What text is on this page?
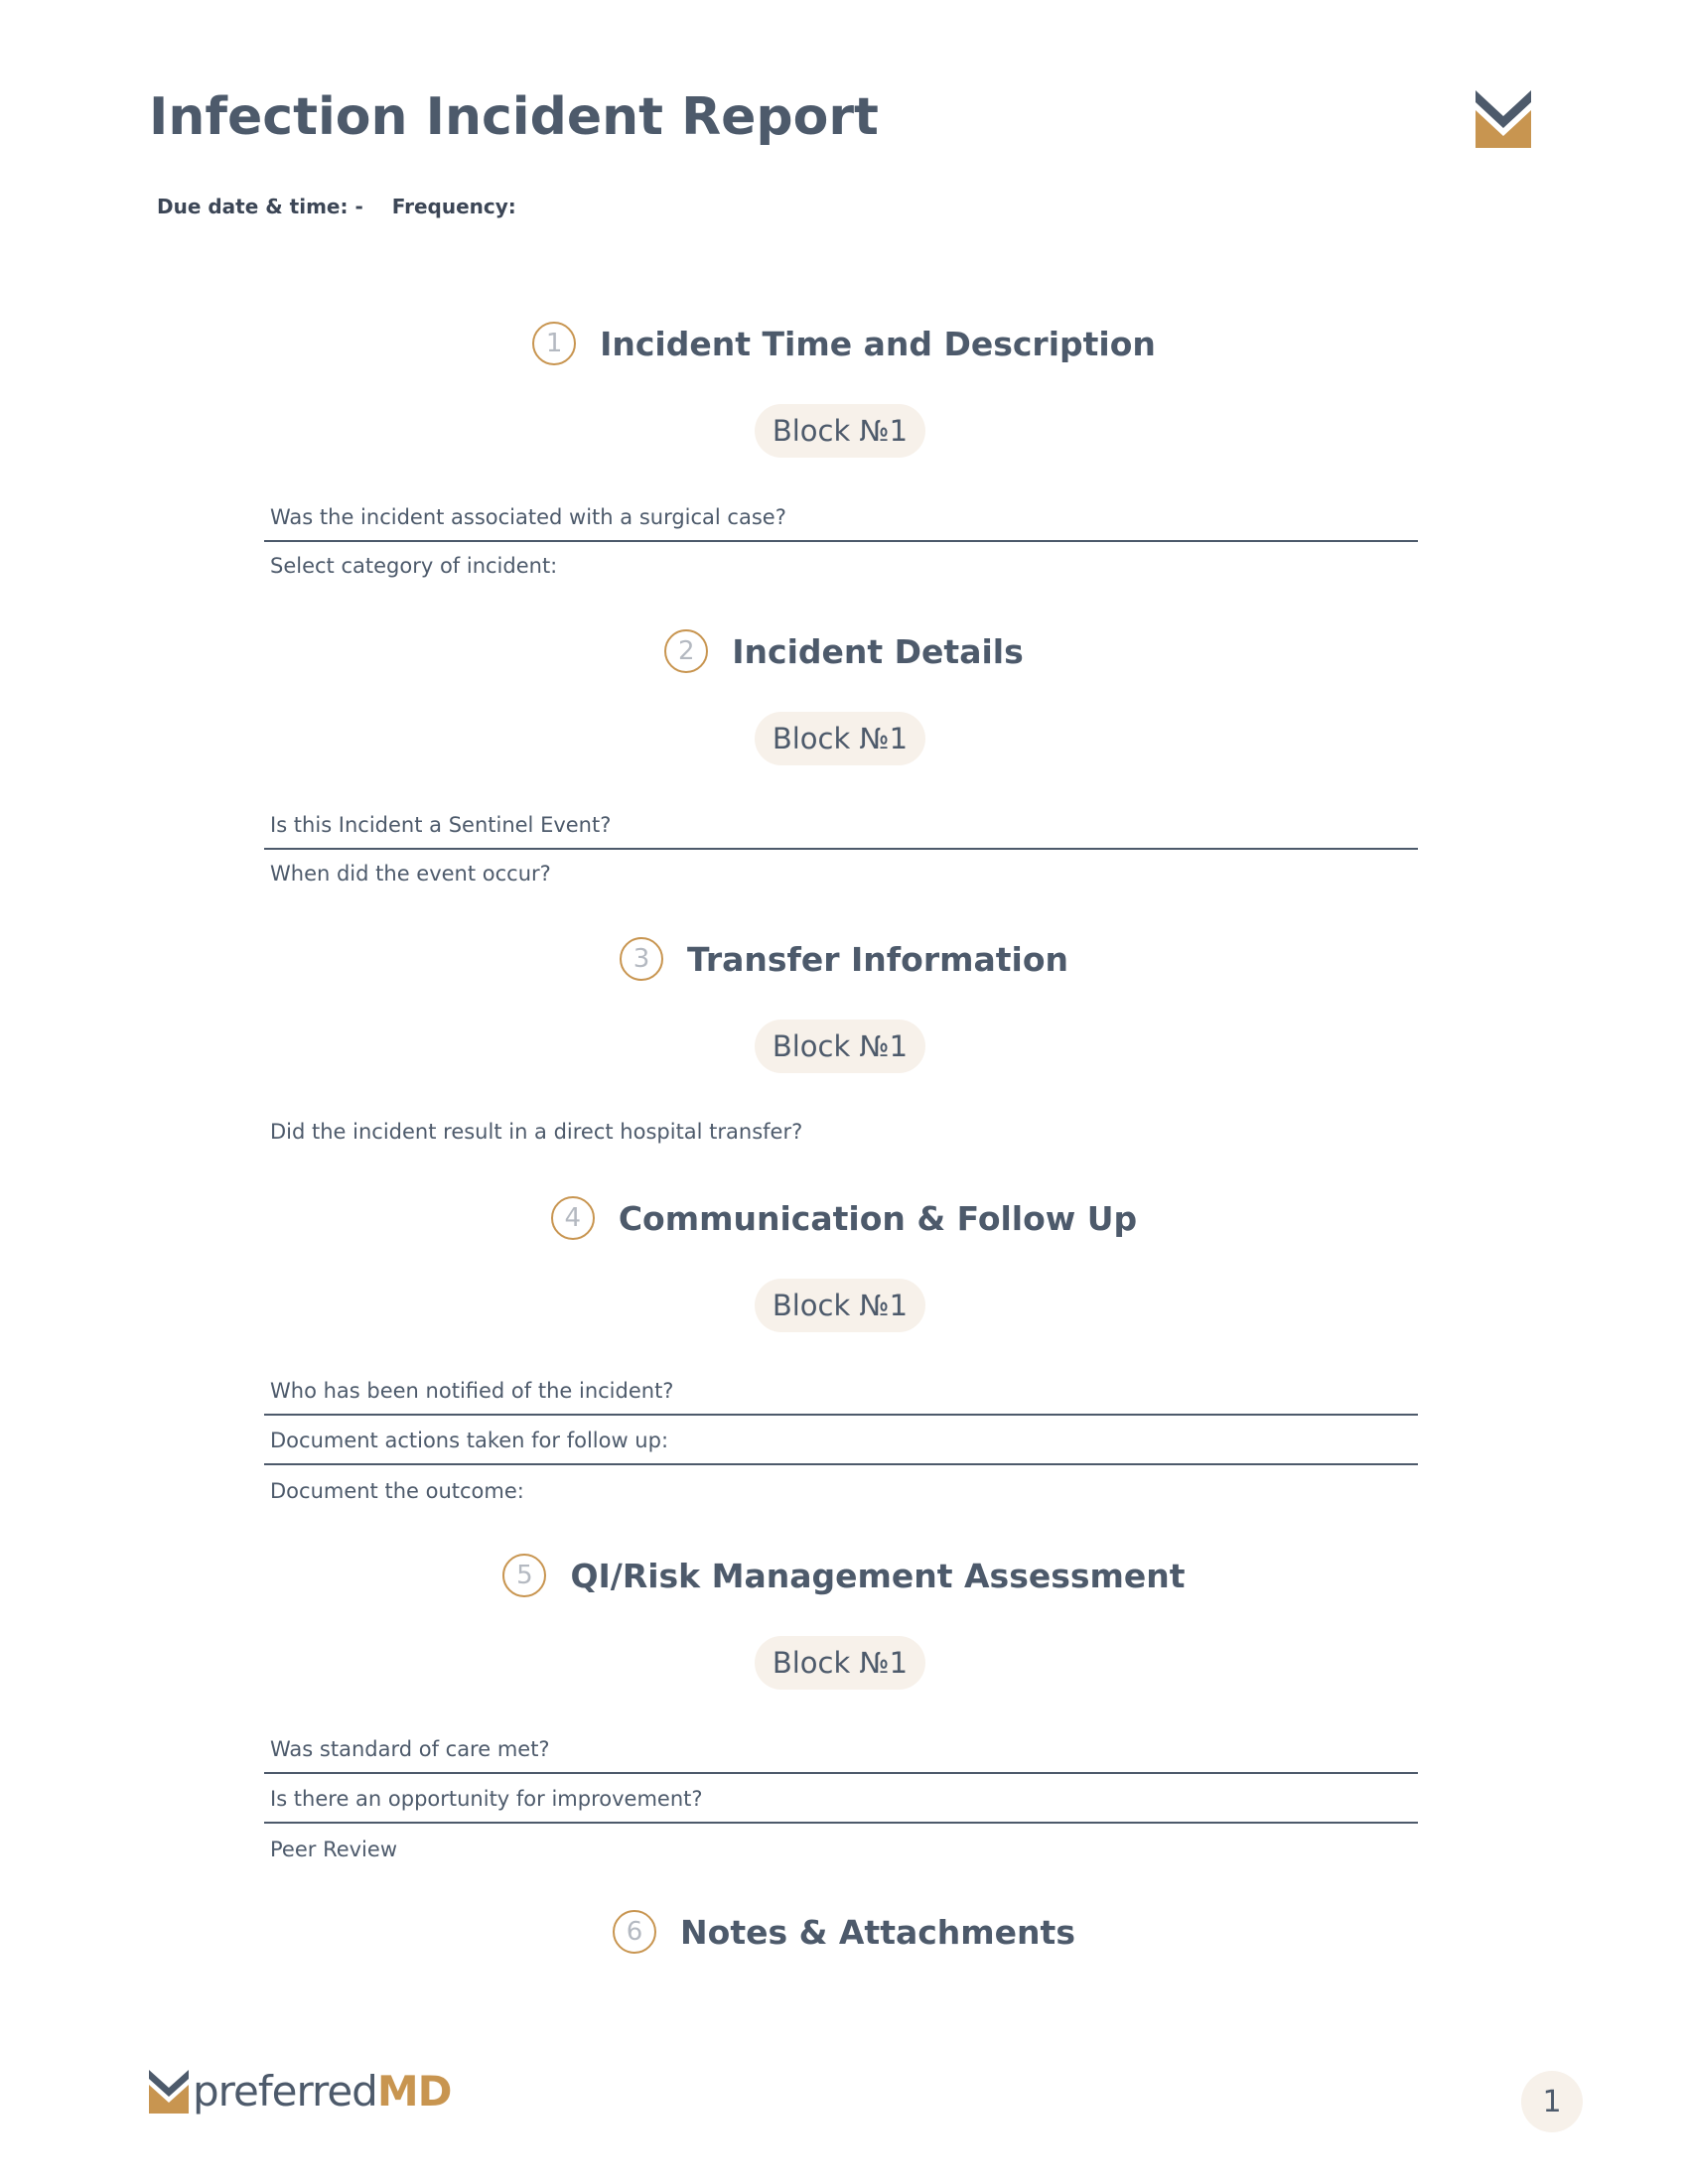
Infection Incident Report
Due date & time: - Frequency:
1	Incident Time and Description
Block №1
Was the incident associated with a surgical case?
Select category of incident:
2	Incident Details
Block №1
Is this Incident a Sentinel Event?
When did the event occur?
3	Transfer Information
Block №1
Did the incident result in a direct hospital transfer?
4	Communication & Follow Up
Block №1
Who has been notified of the incident?
Document actions taken for follow up:
Document the outcome:
5	QI/Risk Management Assessment
Block №1
Was standard of care met?
Is there an opportunity for improvement?
Peer Review
6	Notes & Attachments
preferredMD	1
